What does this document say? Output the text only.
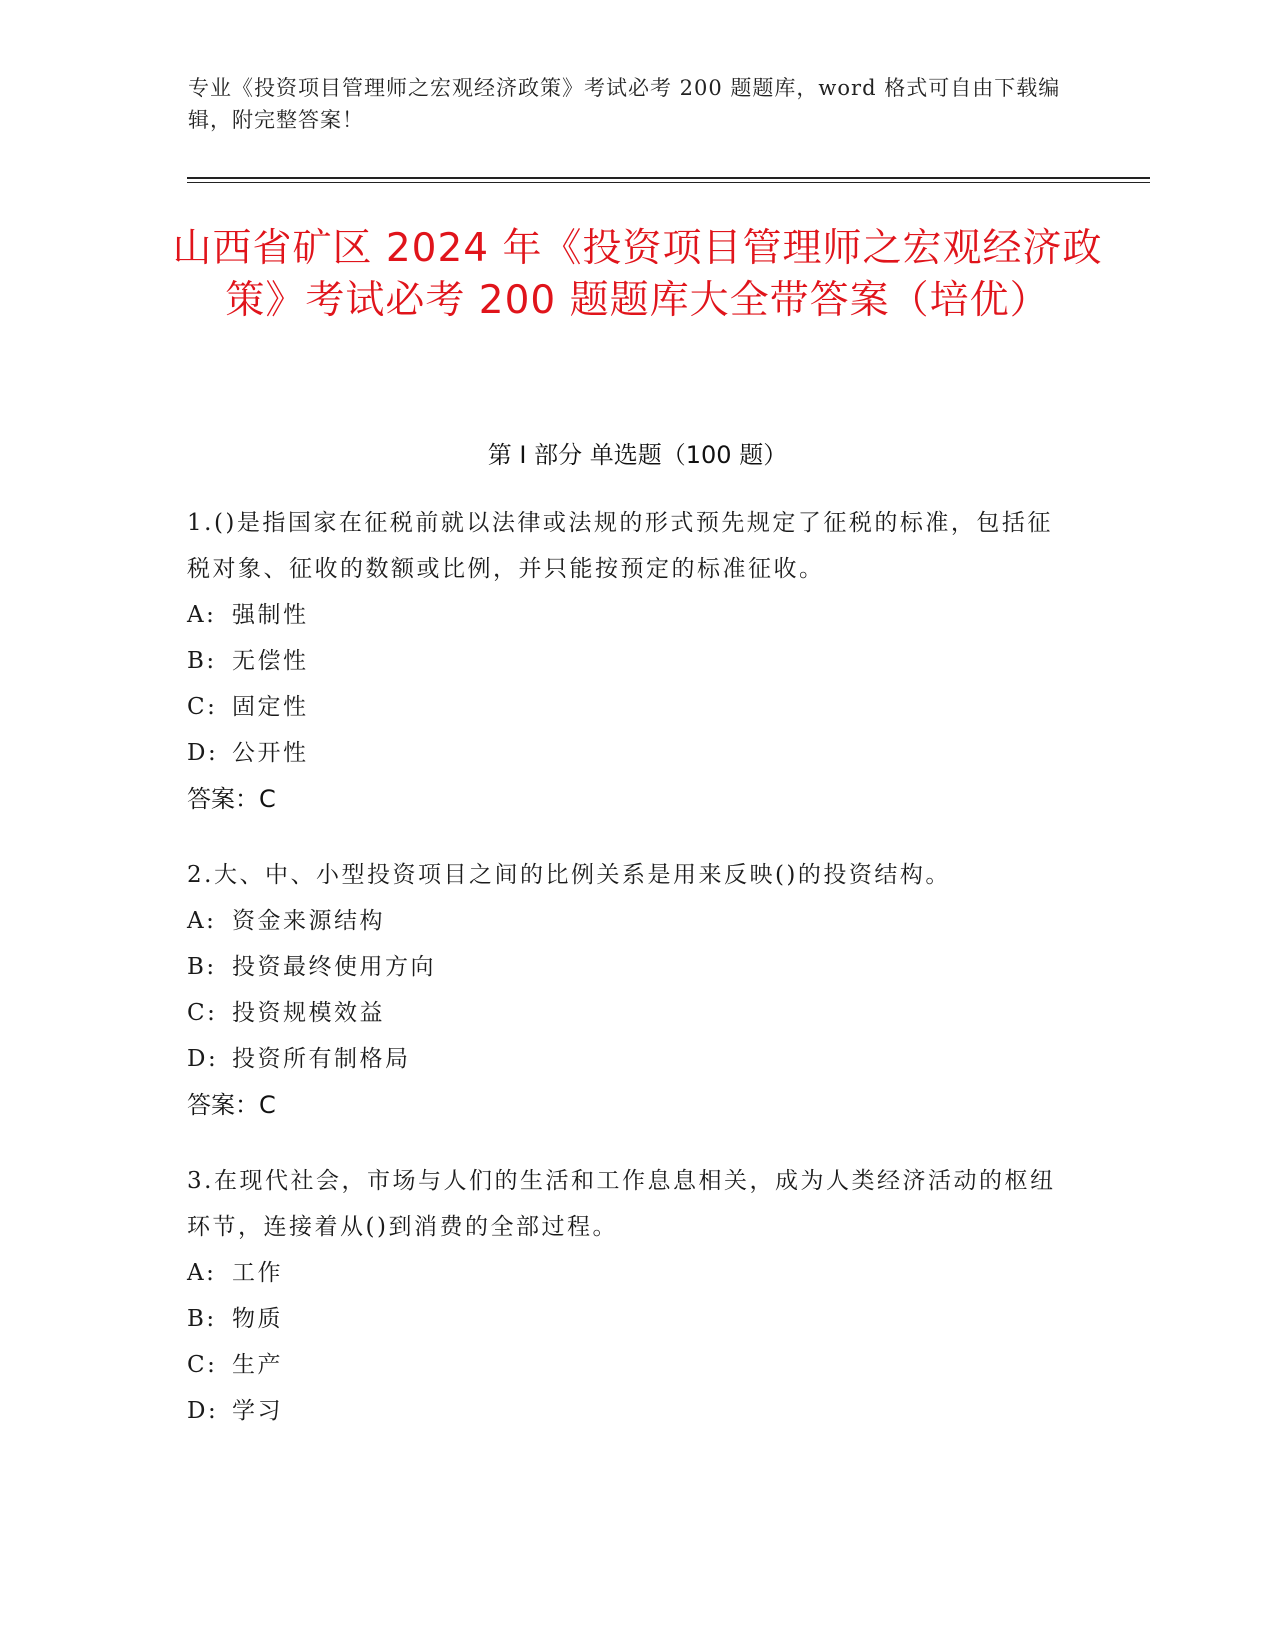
专业《投资项目管理师之宏观经济政策》考试必考 200 题题库，word 格式可自由下载编辑，附完整答案！
山西省矿区 2024 年《投资项目管理师之宏观经济政策》考试必考 200 题题库大全带答案（培优）
第 I 部分 单选题（100 题）

1.()是指国家在征税前就以法律或法规的形式预先规定了征税的标准，包括征税对象、征收的数额或比例，并只能按预定的标准征收。

A: 强制性

B: 无偿性

C: 固定性

D: 公开性

答案：C

2.大、中、小型投资项目之间的比例关系是用来反映()的投资结构。

A: 资金来源结构

B: 投资最终使用方向

C: 投资规模效益

D: 投资所有制格局

答案：C

3.在现代社会，市场与人们的生活和工作息息相关，成为人类经济活动的枢纽环节，连接着从()到消费的全部过程。

A: 工作

B: 物质

C: 生产

D: 学习
